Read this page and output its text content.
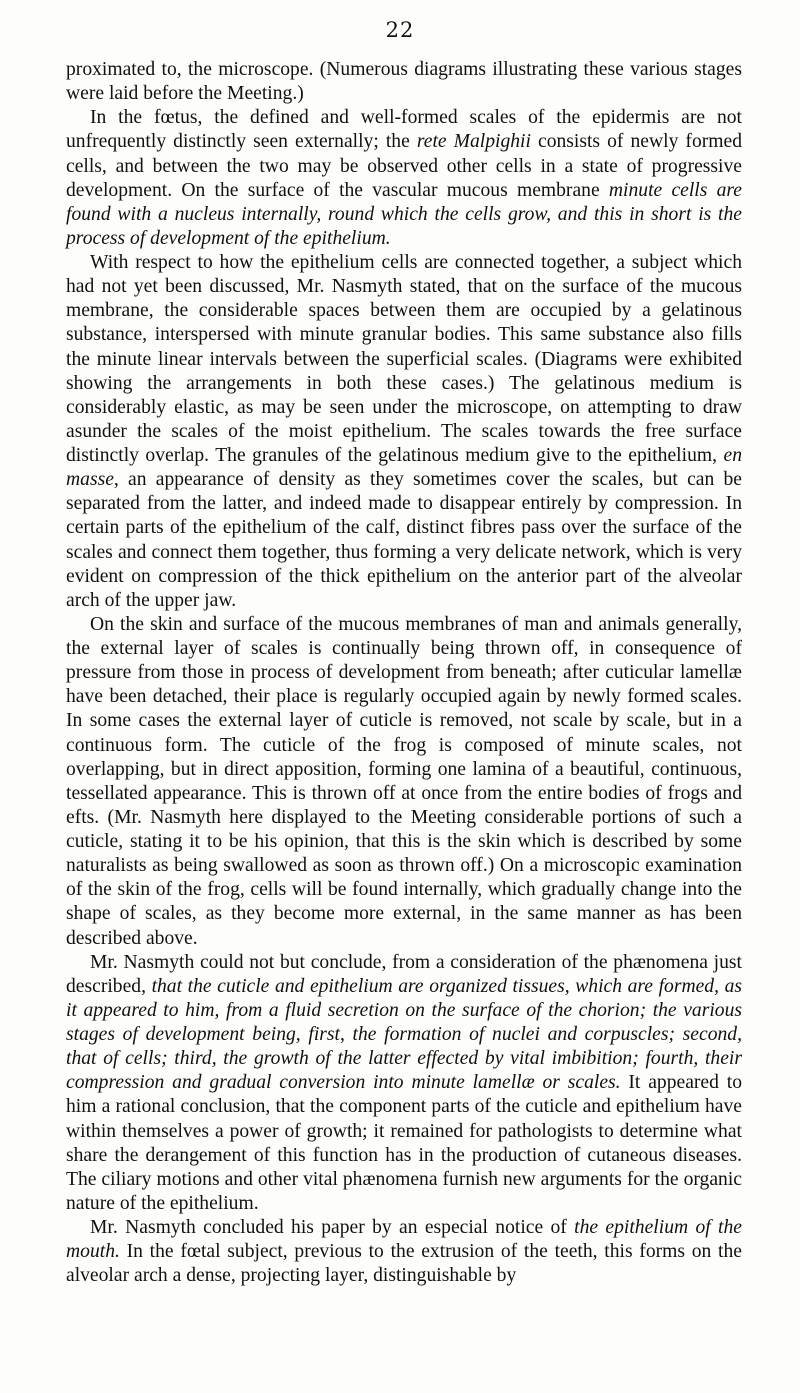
22

proximated to, the microscope. (Numerous diagrams illustrating these various stages were laid before the Meeting.)

In the fœtus, the defined and well-formed scales of the epidermis are not unfrequently distinctly seen externally; the rete Malpighii consists of newly formed cells, and between the two may be observed other cells in a state of progressive development. On the surface of the vascular mucous membrane minute cells are found with a nucleus internally, round which the cells grow, and this in short is the process of development of the epithelium.

With respect to how the epithelium cells are connected together, a subject which had not yet been discussed, Mr. Nasmyth stated, that on the surface of the mucous membrane, the considerable spaces between them are occupied by a gelatinous substance, interspersed with minute granular bodies. This same substance also fills the minute linear intervals between the superficial scales. (Diagrams were exhibited showing the arrangements in both these cases.) The gelatinous medium is considerably elastic, as may be seen under the microscope, on attempting to draw asunder the scales of the moist epithelium. The scales towards the free surface distinctly overlap. The granules of the gelatinous medium give to the epithelium, en masse, an appearance of density as they sometimes cover the scales, but can be separated from the latter, and indeed made to disappear entirely by compression. In certain parts of the epithelium of the calf, distinct fibres pass over the surface of the scales and connect them together, thus forming a very delicate network, which is very evident on compression of the thick epithelium on the anterior part of the alveolar arch of the upper jaw.

On the skin and surface of the mucous membranes of man and animals generally, the external layer of scales is continually being thrown off, in consequence of pressure from those in process of development from beneath; after cuticular lamellæ have been detached, their place is regularly occupied again by newly formed scales. In some cases the external layer of cuticle is removed, not scale by scale, but in a continuous form. The cuticle of the frog is composed of minute scales, not overlapping, but in direct apposition, forming one lamina of a beautiful, continuous, tessellated appearance. This is thrown off at once from the entire bodies of frogs and efts. (Mr. Nasmyth here displayed to the Meeting considerable portions of such a cuticle, stating it to be his opinion, that this is the skin which is described by some naturalists as being swallowed as soon as thrown off.) On a microscopic examination of the skin of the frog, cells will be found internally, which gradually change into the shape of scales, as they become more external, in the same manner as has been described above.

Mr. Nasmyth could not but conclude, from a consideration of the phænomena just described, that the cuticle and epithelium are organized tissues, which are formed, as it appeared to him, from a fluid secretion on the surface of the chorion; the various stages of development being, first, the formation of nuclei and corpuscles; second, that of cells; third, the growth of the latter effected by vital imbibition; fourth, their compression and gradual conversion into minute lamellæ or scales. It appeared to him a rational conclusion, that the component parts of the cuticle and epithelium have within themselves a power of growth; it remained for pathologists to determine what share the derangement of this function has in the production of cutaneous diseases. The ciliary motions and other vital phænomena furnish new arguments for the organic nature of the epithelium.

Mr. Nasmyth concluded his paper by an especial notice of the epithelium of the mouth. In the fœtal subject, previous to the extrusion of the teeth, this forms on the alveolar arch a dense, projecting layer, distinguishable by
